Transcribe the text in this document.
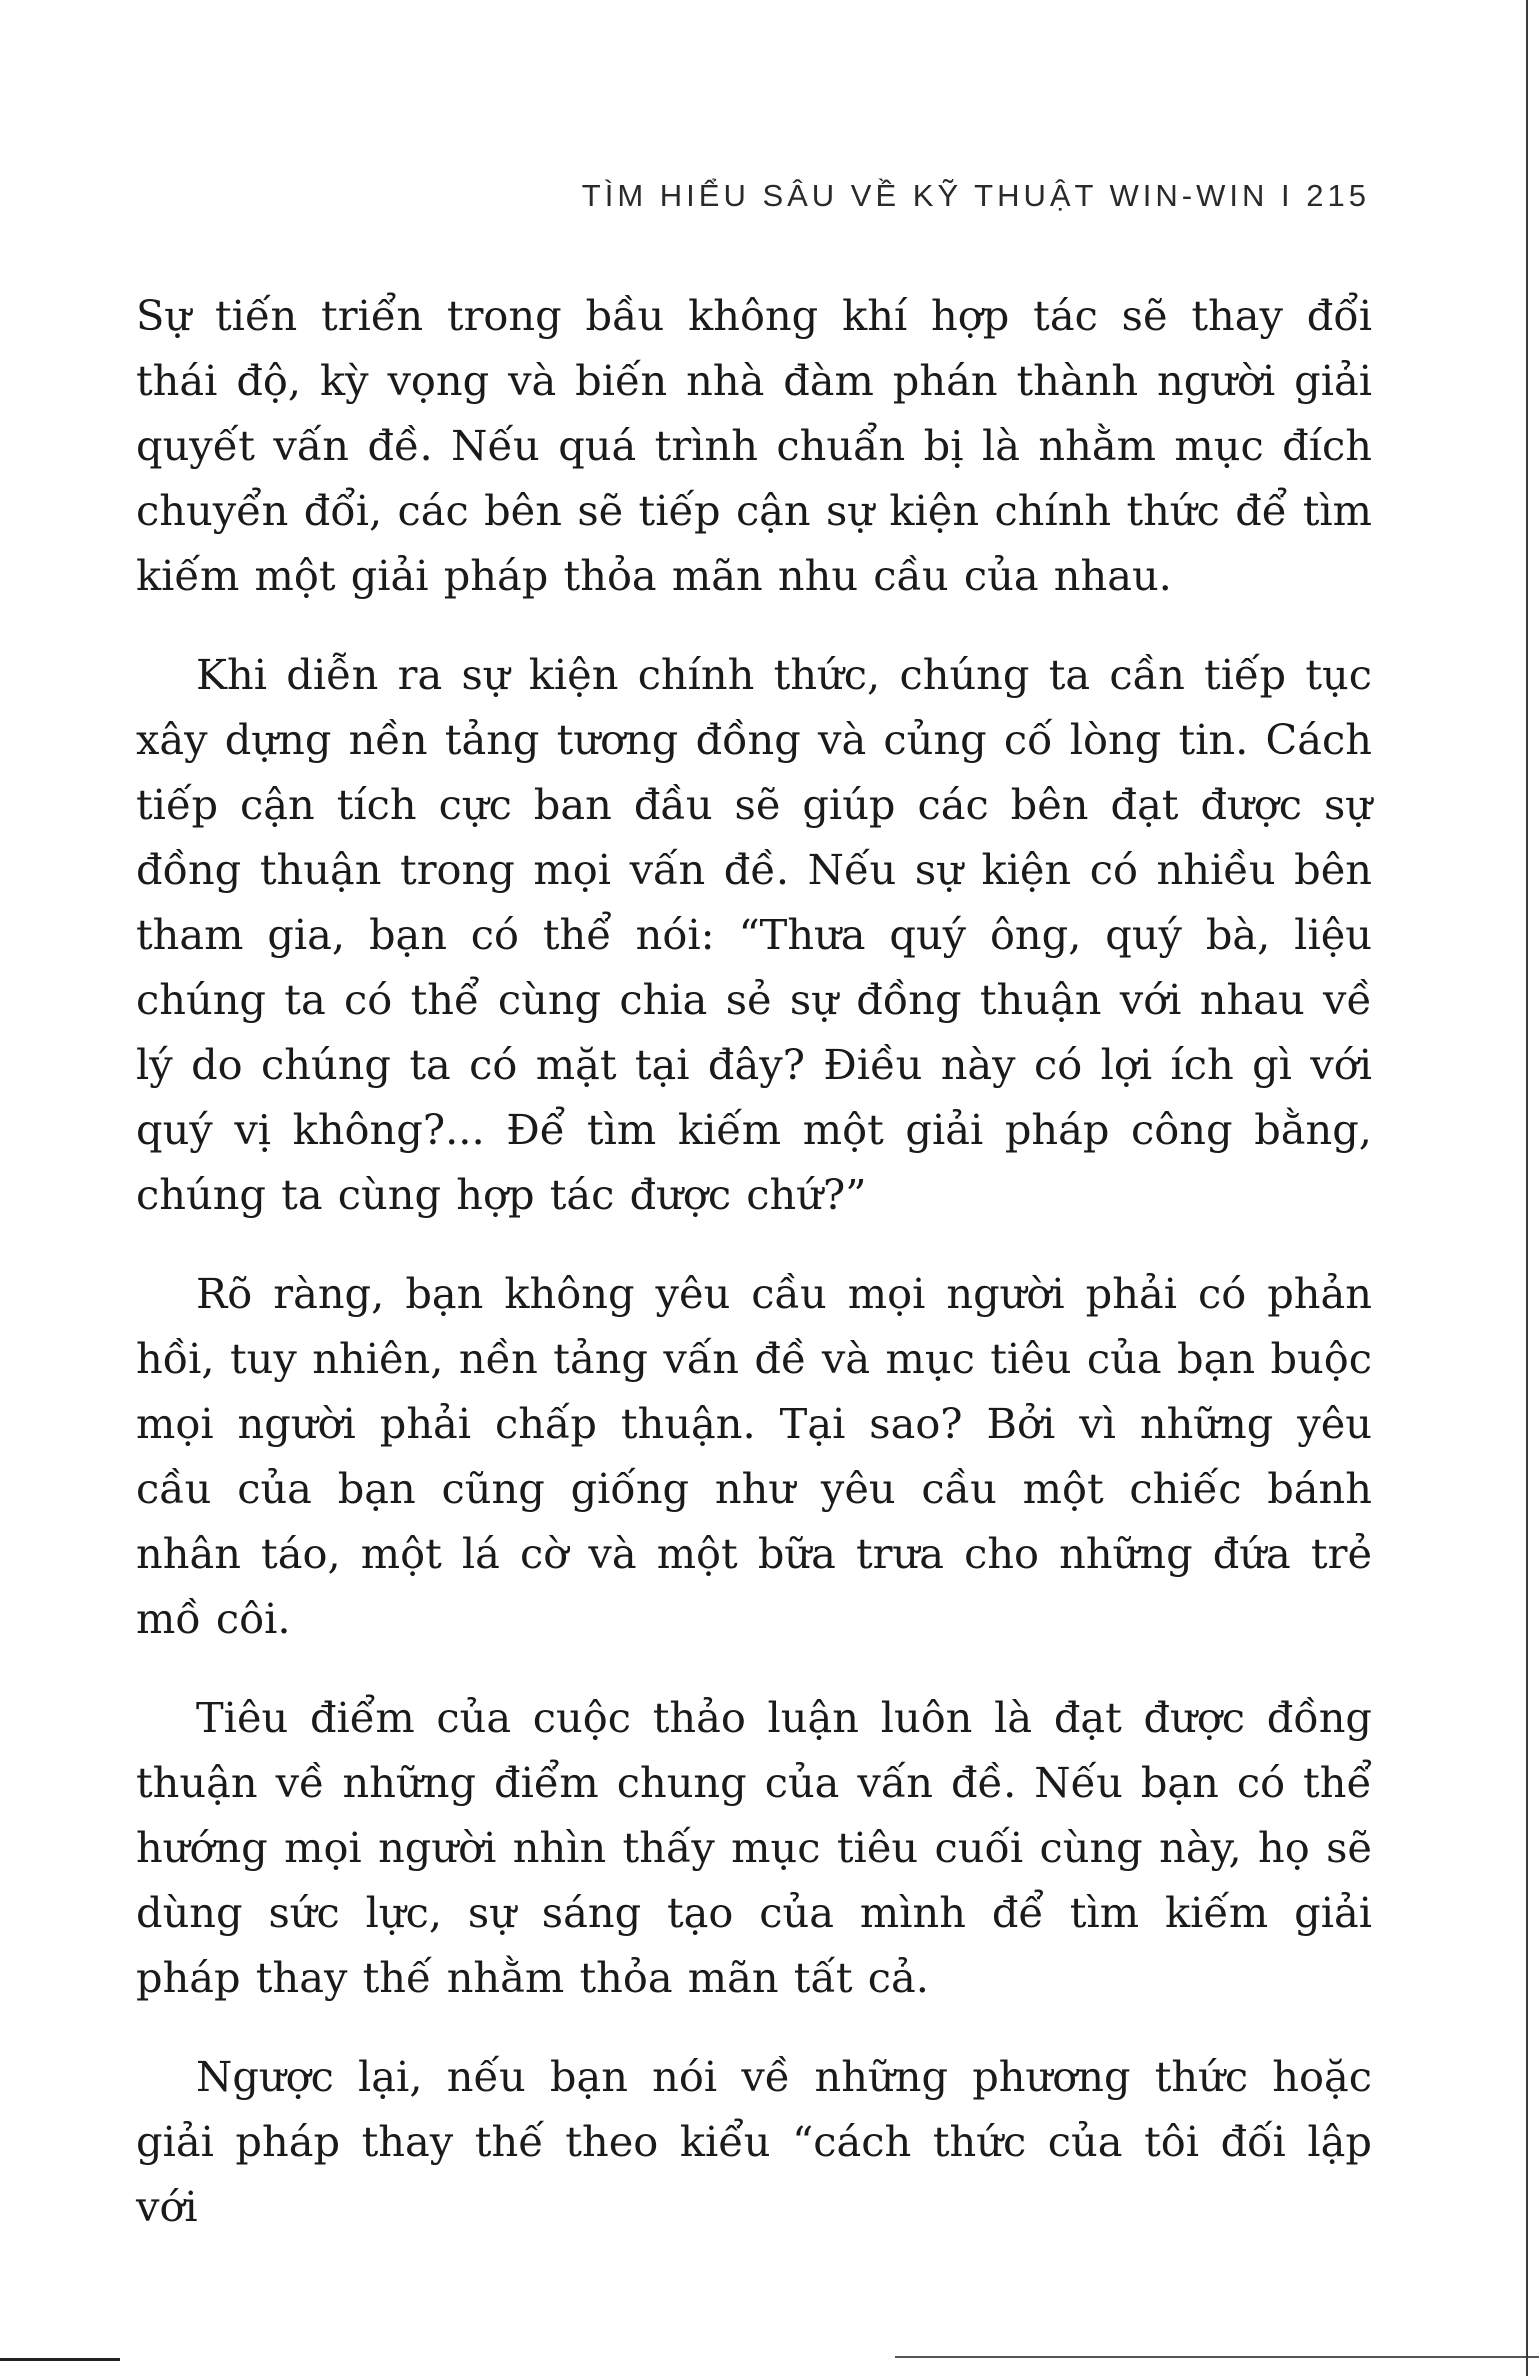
TÌM HIỂU SÂU VỀ KỸ THUẬT WIN-WIN I 215

Sự tiến triển trong bầu không khí hợp tác sẽ thay đổi thái độ, kỳ vọng và biến nhà đàm phán thành người giải quyết vấn đề. Nếu quá trình chuẩn bị là nhằm mục đích chuyển đổi, các bên sẽ tiếp cận sự kiện chính thức để tìm kiếm một giải pháp thỏa mãn nhu cầu của nhau.

Khi diễn ra sự kiện chính thức, chúng ta cần tiếp tục xây dựng nền tảng tương đồng và củng cố lòng tin. Cách tiếp cận tích cực ban đầu sẽ giúp các bên đạt được sự đồng thuận trong mọi vấn đề. Nếu sự kiện có nhiều bên tham gia, bạn có thể nói: “Thưa quý ông, quý bà, liệu chúng ta có thể cùng chia sẻ sự đồng thuận với nhau về lý do chúng ta có mặt tại đây? Điều này có lợi ích gì với quý vị không?... Để tìm kiếm một giải pháp công bằng, chúng ta cùng hợp tác được chứ?”

Rõ ràng, bạn không yêu cầu mọi người phải có phản hồi, tuy nhiên, nền tảng vấn đề và mục tiêu của bạn buộc mọi người phải chấp thuận. Tại sao? Bởi vì những yêu cầu của bạn cũng giống như yêu cầu một chiếc bánh nhân táo, một lá cờ và một bữa trưa cho những đứa trẻ mồ côi.

Tiêu điểm của cuộc thảo luận luôn là đạt được đồng thuận về những điểm chung của vấn đề. Nếu bạn có thể hướng mọi người nhìn thấy mục tiêu cuối cùng này, họ sẽ dùng sức lực, sự sáng tạo của mình để tìm kiếm giải pháp thay thế nhằm thỏa mãn tất cả.

Ngược lại, nếu bạn nói về những phương thức hoặc giải pháp thay thế theo kiểu “cách thức của tôi đối lập với
